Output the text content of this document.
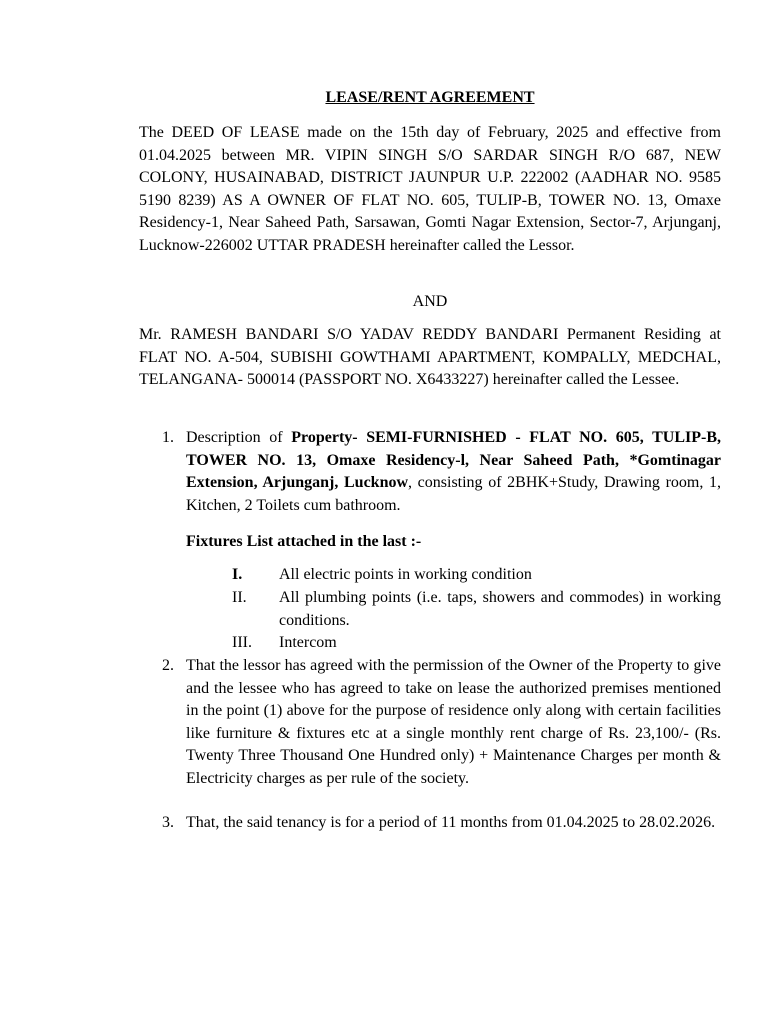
LEASE/RENT AGREEMENT
The DEED OF LEASE made on the 15th day of February, 2025 and effective from 01.04.2025 between MR. VIPIN SINGH S/O SARDAR SINGH R/O 687, NEW COLONY, HUSAINABAD, DISTRICT JAUNPUR U.P. 222002 (AADHAR NO. 9585 5190 8239) AS A OWNER OF FLAT NO. 605, TULIP-B, TOWER NO. 13, Omaxe Residency-1, Near Saheed Path, Sarsawan, Gomti Nagar Extension, Sector-7, Arjunganj, Lucknow-226002 UTTAR PRADESH hereinafter called the Lessor.
AND
Mr. RAMESH BANDARI S/O YADAV REDDY BANDARI Permanent Residing at FLAT NO. A-504, SUBISHI GOWTHAMI APARTMENT, KOMPALLY, MEDCHAL, TELANGANA- 500014 (PASSPORT NO. X6433227) hereinafter called the Lessee.
1. Description of Property- SEMI-FURNISHED - FLAT NO. 605, TULIP-B, TOWER NO. 13, Omaxe Residency-l, Near Saheed Path, *Gomtinagar Extension, Arjunganj, Lucknow, consisting of 2BHK+Study, Drawing room, 1, Kitchen, 2 Toilets cum bathroom.
Fixtures List attached in the last :-
I. All electric points in working condition
II. All plumbing points (i.e. taps, showers and commodes) in working conditions.
III. Intercom
2. That the lessor has agreed with the permission of the Owner of the Property to give and the lessee who has agreed to take on lease the authorized premises mentioned in the point (1) above for the purpose of residence only along with certain facilities like furniture & fixtures etc at a single monthly rent charge of Rs. 23,100/- (Rs. Twenty Three Thousand One Hundred only) + Maintenance Charges per month & Electricity charges as per rule of the society.
3. That, the said tenancy is for a period of 11 months from 01.04.2025 to 28.02.2026.
